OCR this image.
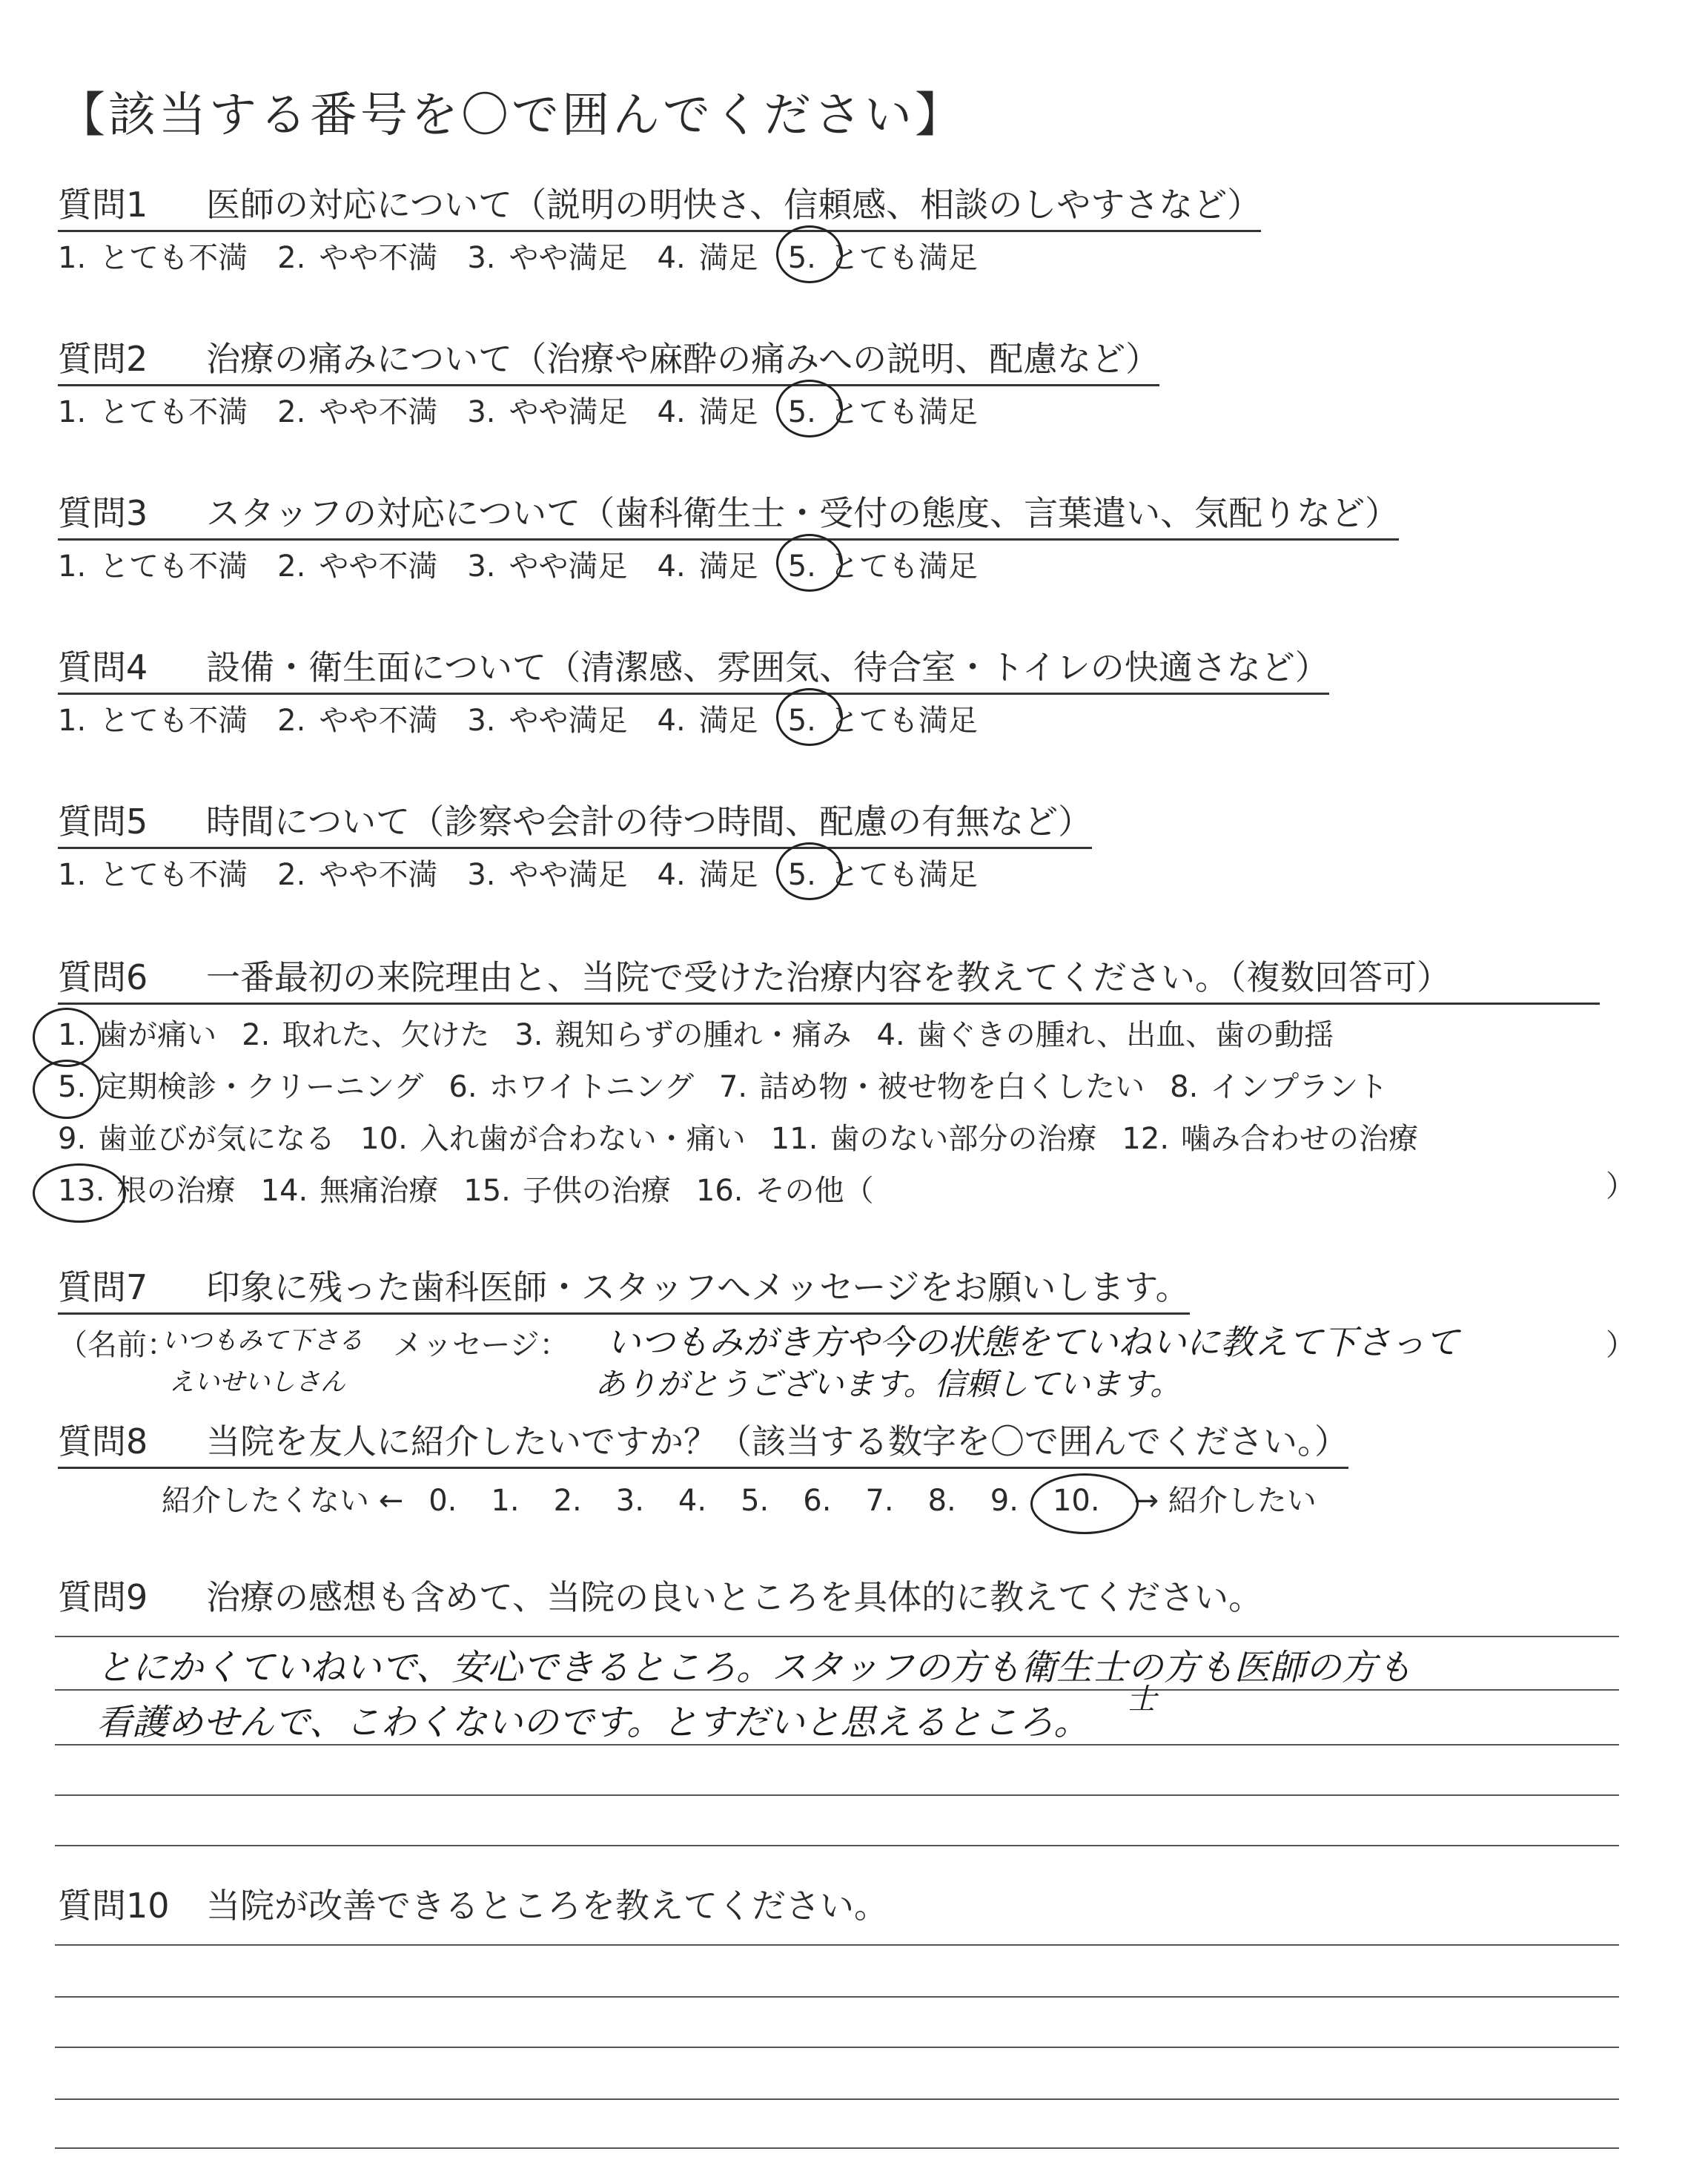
【該当する番号を〇で囲んでください】
質問1 医師の対応について（説明の明快さ、信頼感、相談のしやすさなど）
1. とても不満 2. やや不満 3. やや満足 4. 満足 5. とても満足
質問2 治療の痛みについて（治療や麻酔の痛みへの説明、配慮など）
1. とても不満 2. やや不満 3. やや満足 4. 満足 5. とても満足
質問3 スタッフの対応について（歯科衛生士・受付の態度、言葉遣い、気配りなど）
1. とても不満 2. やや不満 3. やや満足 4. 満足 5. とても満足
質問4 設備・衛生面について（清潔感、雰囲気、待合室・トイレの快適さなど）
1. とても不満 2. やや不満 3. やや満足 4. 満足 5. とても満足
質問5 時間について（診察や会計の待つ時間、配慮の有無など）
1. とても不満 2. やや不満 3. やや満足 4. 満足 5. とても満足
質問6 一番最初の来院理由と、当院で受けた治療内容を教えてください。（複数回答可）
1. 歯が痛い 2. 取れた、欠けた 3. 親知らずの腫れ・痛み 4. 歯ぐきの腫れ、出血、歯の動揺
5. 定期検診・クリーニング 6. ホワイトニング 7. 詰め物・被せ物を白くしたい 8. インプラント
9. 歯並びが気になる 10. 入れ歯が合わない・痛い 11. 歯のない部分の治療 12. 噛み合わせの治療
13. 根の治療 14. 無痛治療 15. 子供の治療 16. その他（	）
質問7 印象に残った歯科医師・スタッフへメッセージをお願いします。
（名前：
いつもみて下さる
えいせいしさん
メッセージ： いつもみがき方や今の状態をていねいに教えて下さって
ありがとうございます。信頼しています。
）
質問8 当院を友人に紹介したいですか？（該当する数字を〇で囲んでください。）
紹介したくない ← 0. 1. 2. 3. 4. 5. 6. 7. 8. 9. 10. → 紹介したい
質問9 治療の感想も含めて、当院の良いところを具体的に教えてください。
とにかくていねいで、安心できるところ。スタッフの方も衛生士の方も医師の方も
看護めせんで、こわくないのです。とすだいと思えるところ。
士
質問10 当院が改善できるところを教えてください。
